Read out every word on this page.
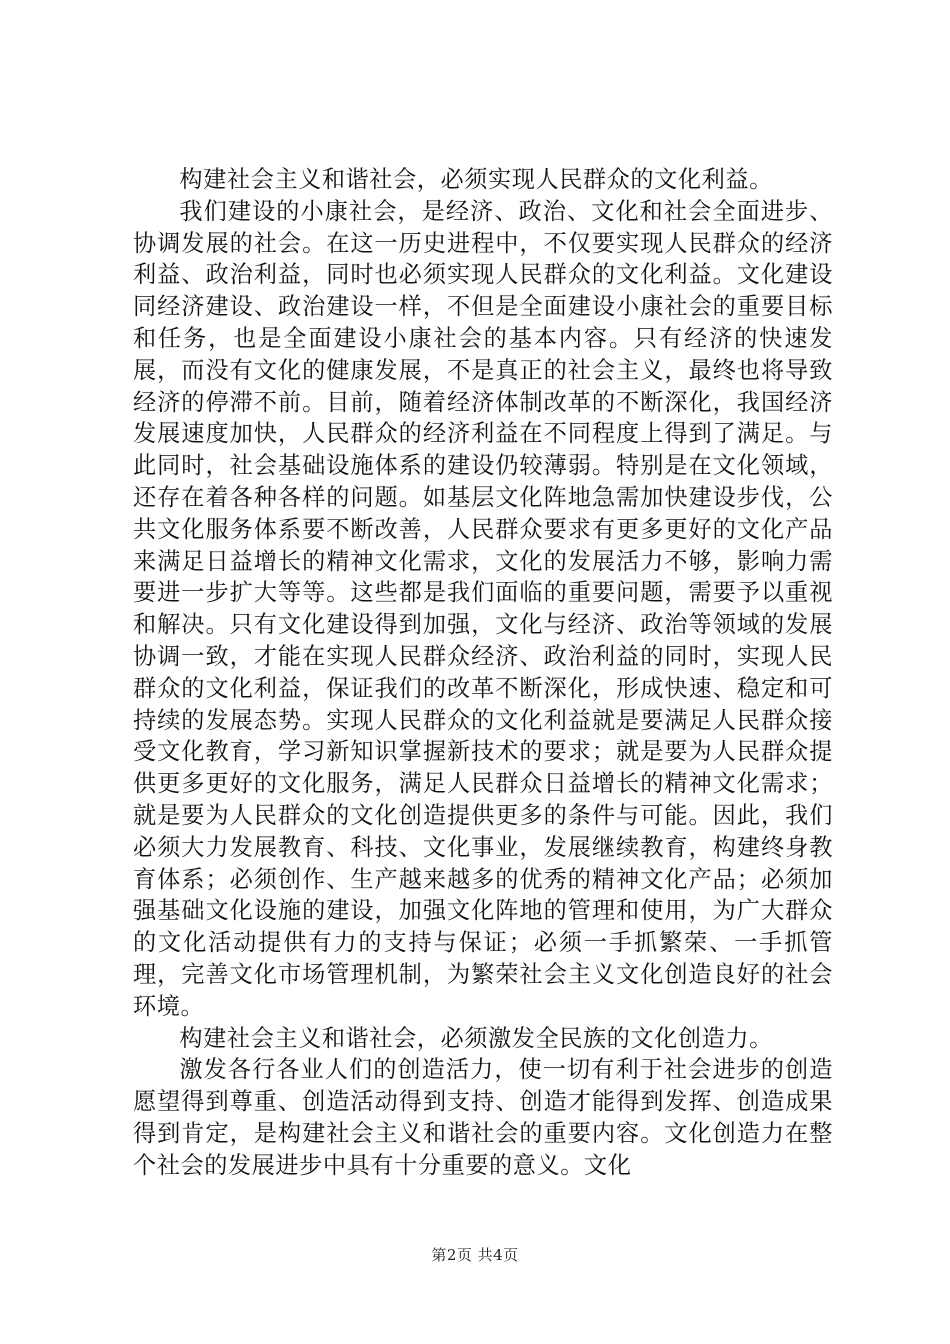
构建社会主义和谐社会，必须实现人民群众的文化利益。

我们建设的小康社会，是经济、政治、文化和社会全面进步、协调发展的社会。在这一历史进程中，不仅要实现人民群众的经济利益、政治利益，同时也必须实现人民群众的文化利益。文化建设同经济建设、政治建设一样，不但是全面建设小康社会的重要目标和任务，也是全面建设小康社会的基本内容。只有经济的快速发展，而没有文化的健康发展，不是真正的社会主义，最终也将导致经济的停滞不前。目前，随着经济体制改革的不断深化，我国经济发展速度加快，人民群众的经济利益在不同程度上得到了满足。与此同时，社会基础设施体系的建设仍较薄弱。特别是在文化领域，还存在着各种各样的问题。如基层文化阵地急需加快建设步伐，公共文化服务体系要不断改善，人民群众要求有更多更好的文化产品来满足日益增长的精神文化需求，文化的发展活力不够，影响力需要进一步扩大等等。这些都是我们面临的重要问题，需要予以重视和解决。只有文化建设得到加强，文化与经济、政治等领域的发展协调一致，才能在实现人民群众经济、政治利益的同时，实现人民群众的文化利益，保证我们的改革不断深化，形成快速、稳定和可持续的发展态势。实现人民群众的文化利益就是要满足人民群众接受文化教育，学习新知识掌握新技术的要求；就是要为人民群众提供更多更好的文化服务，满足人民群众日益增长的精神文化需求；就是要为人民群众的文化创造提供更多的条件与可能。因此，我们必须大力发展教育、科技、文化事业，发展继续教育，构建终身教育体系；必须创作、生产越来越多的优秀的精神文化产品；必须加强基础文化设施的建设，加强文化阵地的管理和使用，为广大群众的文化活动提供有力的支持与保证；必须一手抓繁荣、一手抓管理，完善文化市场管理机制，为繁荣社会主义文化创造良好的社会环境。

构建社会主义和谐社会，必须激发全民族的文化创造力。

激发各行各业人们的创造活力，使一切有利于社会进步的创造愿望得到尊重、创造活动得到支持、创造才能得到发挥、创造成果得到肯定，是构建社会主义和谐社会的重要内容。文化创造力在整个社会的发展进步中具有十分重要的意义。文化

第2页 共4页
